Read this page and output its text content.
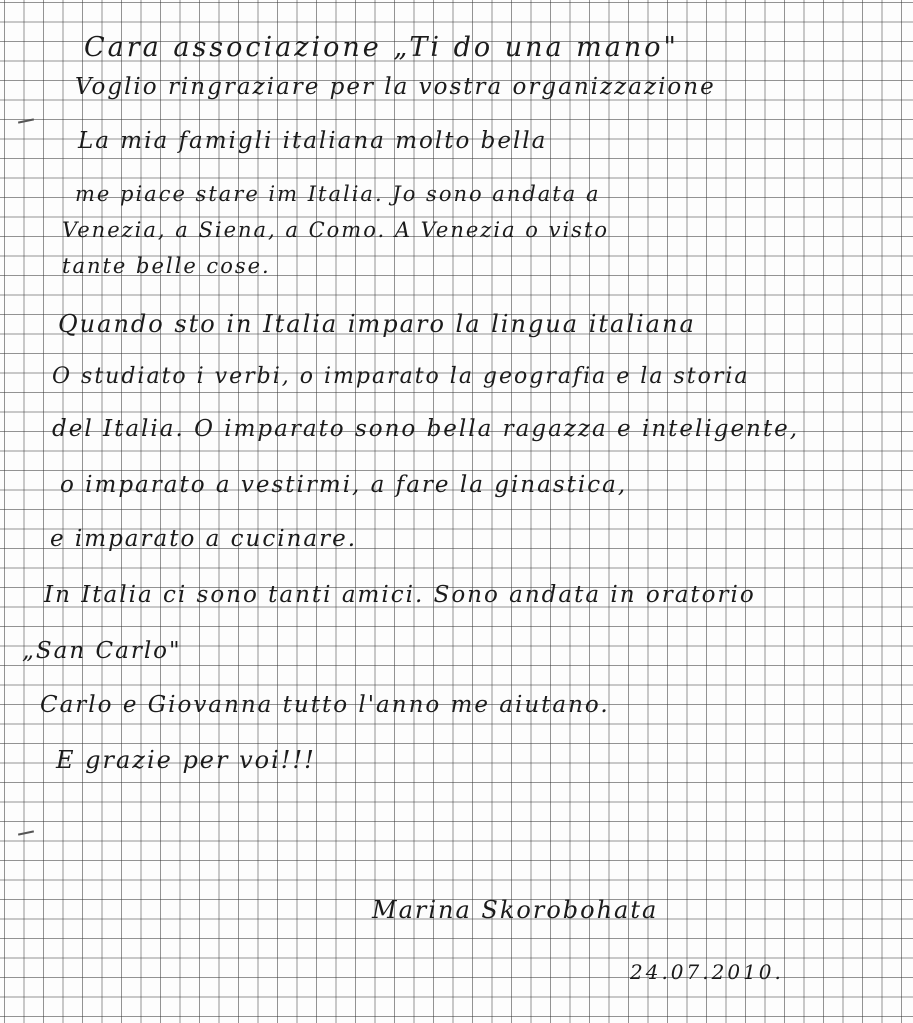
Cara associazione „Ti do una mano"
Voglio ringraziare per la vostra organizzazione
La mia famigli italiana molto bella
me piace stare im Italia. Jo sono andata a
Venezia, a Siena, a Como. A Venezia o visto
tante belle cose.
Quando sto in Italia imparo la lingua italiana
O studiato i verbi, o imparato la geografia e la storia
del Italia. O imparato sono bella ragazza e inteligente,
o imparato a vestirmi, a fare la ginastica,
e imparato a cucinare.
In Italia ci sono tanti amici. Sono andata in oratorio
„San Carlo"
Carlo e Giovanna tutto l'anno me aiutano.
E grazie per voi!!!
Marina Skorobohata
24.07.2010.
